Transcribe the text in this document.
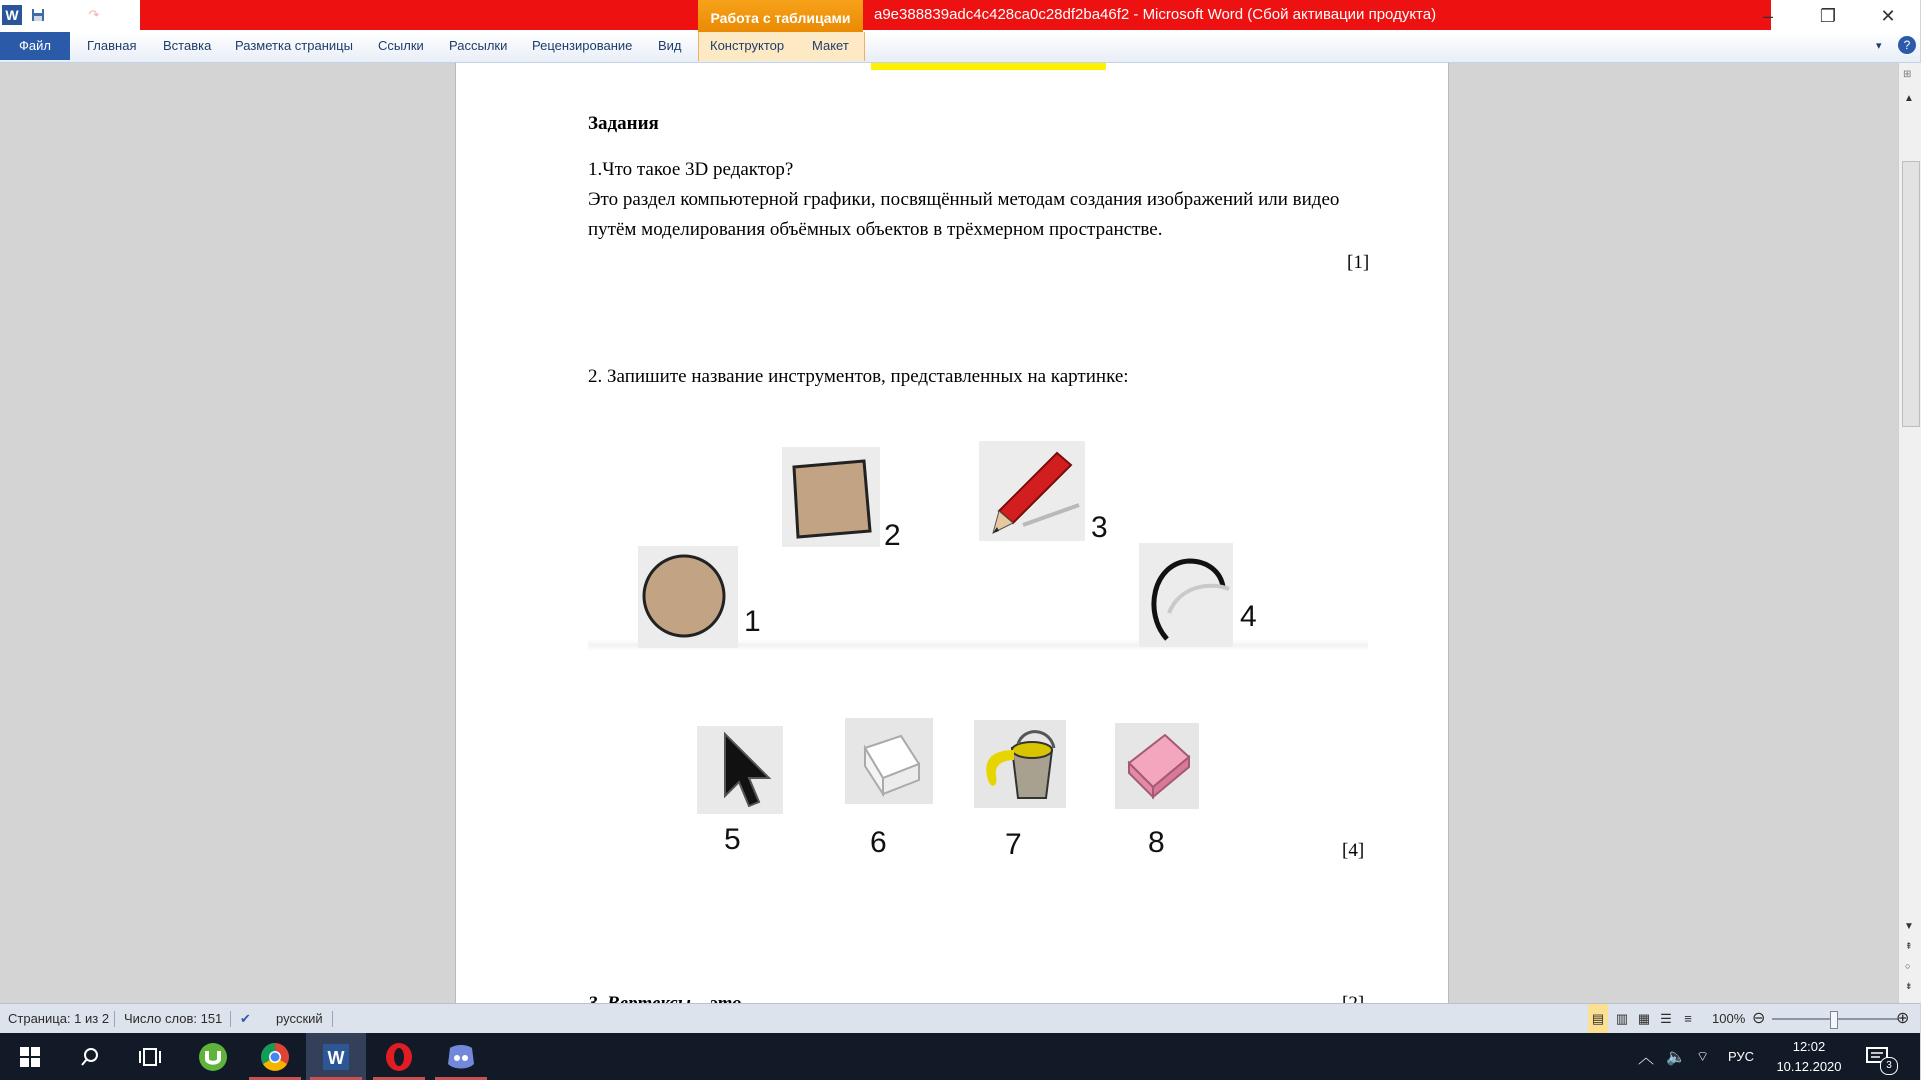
W	↶	↷	▾	Работа с таблицами	a9e388839adc4c428ca0c28df2ba46f2 - Microsoft Word (Сбой активации продукта)	–	❐	✕
Файл	Главная Вставка Разметка страницы Ссылки Рассылки Рецензирование Вид Конструктор Макет	▾	?
Задания
1.Что такое 3D редактор?
Это раздел компьютерной графики, посвящённый методам создания изображений или видео
путём моделирования объёмных объектов в трёхмерном пространстве.
[1]
2. Запишите название инструментов, представленных на картинке:
1
2	3
4
5	6	7	8	[4]
⊞
▲
▼
⇞
○
⇟
Страница: 1 из 2 Число слов: 151 ✔ русский	▤ ▥ ▦ ☰ ≡	100% ⊖	⊕
W	︿ 🔈 ⌔ РУС
12:02
10.12.2020	3
